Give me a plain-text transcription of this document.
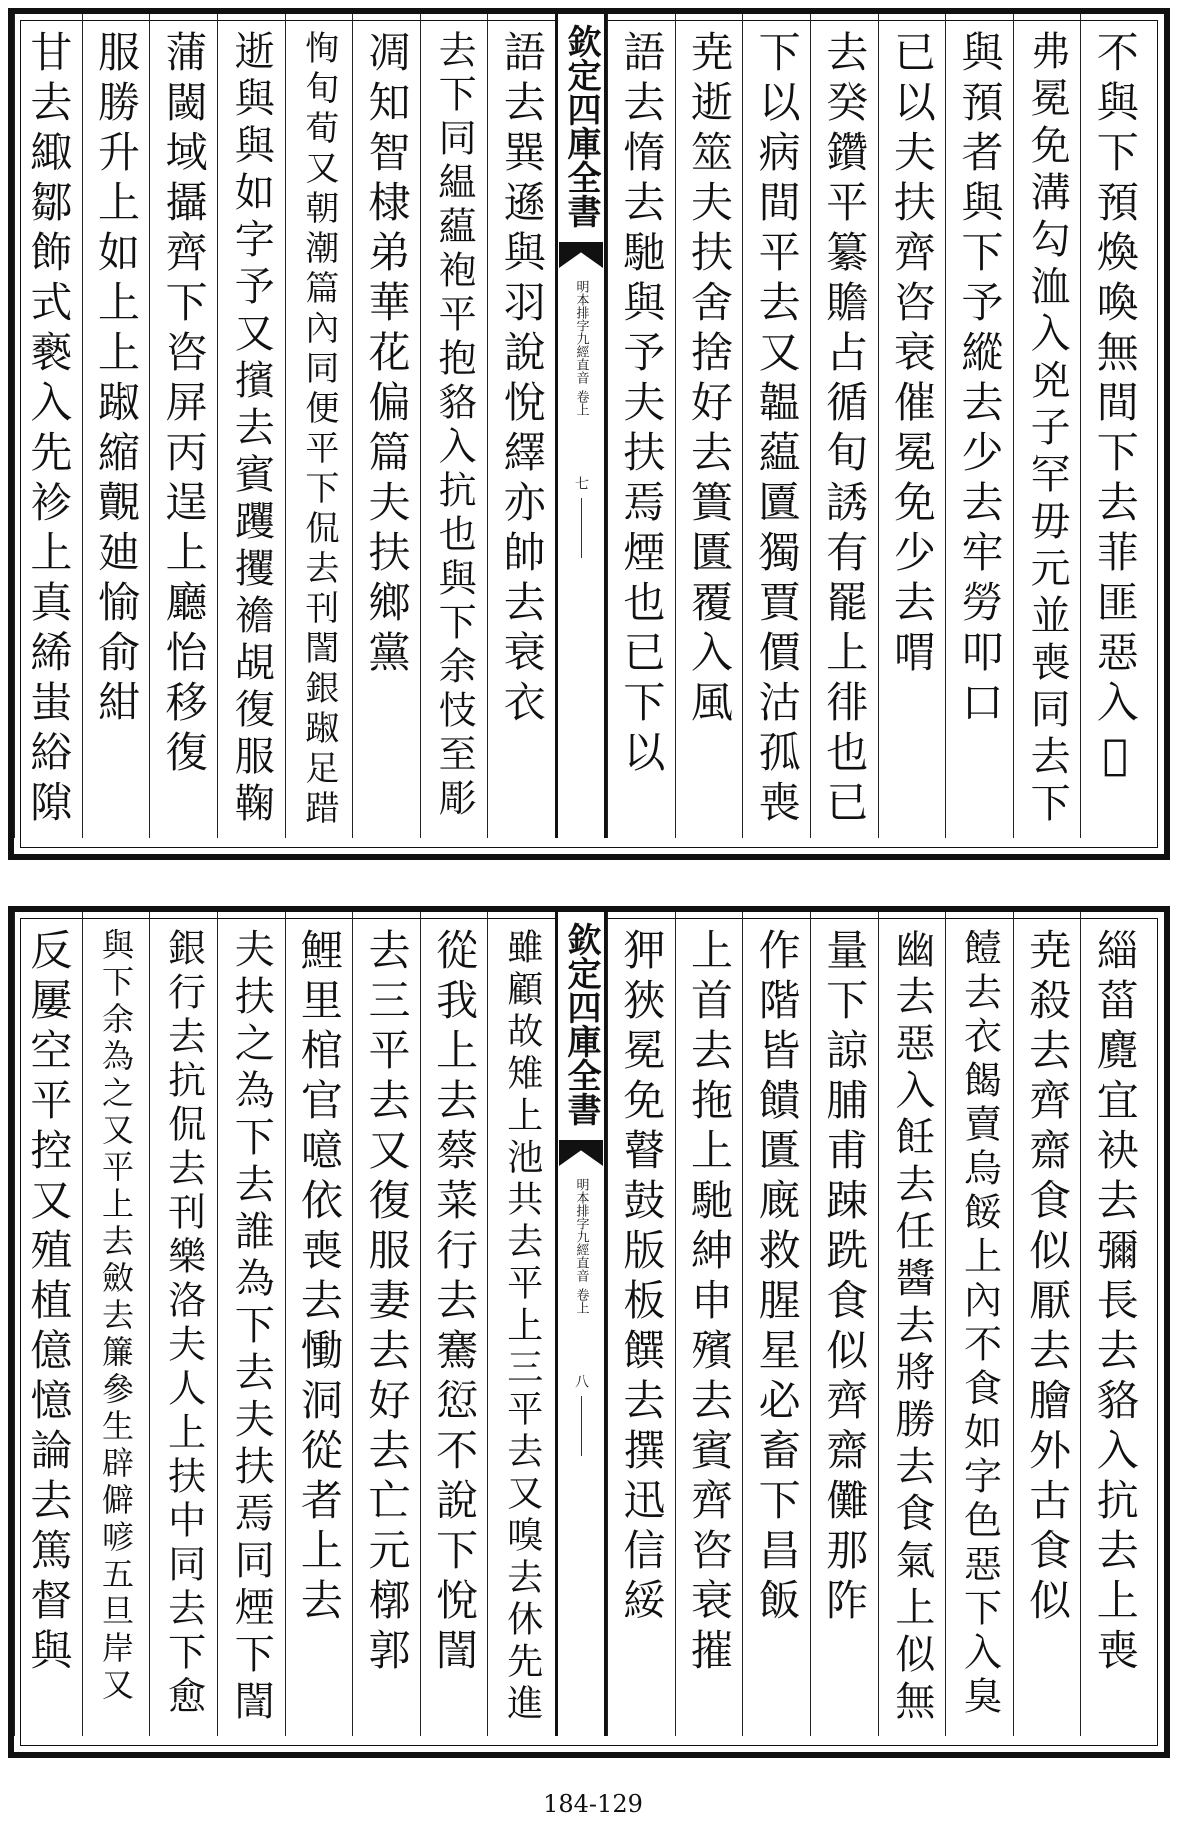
不與下預煥喚無間下去菲匪惡入𢿱
弗冕免溝勾洫入兇子罕毋元並喪同去下
與預者與下予縱去少去牢勞叩口
已以夫扶齊咨衰催冕免少去喟
去癸鑽平纂贍占循旬誘有罷上徘也已
下以病間平去又韞藴匵獨賈價沽孤喪
尭逝筮夫扶舍捨好去簣匱覆入風
語去惰去馳與予夫扶焉煙也已下以
欽定四庫全書
明本排字九經直音
卷上
七
語去巽遜與羽說悅繹亦帥去衰衣
去下同緼藴袍平抱貉入抗也與下余忮至彫
凋知智棣弟華花偏篇夫扶鄉黨
恂旬荀又朝潮篇內同便平下侃去刊誾銀踧足踖
逝與與如字予又擯去賓躩攫襜覘復服鞠
蒲閾域攝齊下咨屏丙逞上廳怡移復
服勝升上如上上踧縮覿廸愉俞紺
甘去緅鄒飾式褻入先袗上真絺蚩綌隙
緇菑麑宜袂去彌長去貉入抗去上喪
尭殺去齊齋食似厭去膾外古食似
饐去衣餲賣烏餒上內不食如字色惡下入臭
幽去惡入飪去任醬去將勝去食氣上似無
量下諒脯甫踈跣食似齊齋儺那阼
作階皆饋匱廐救腥星必畜下昌飯
上首去拖上馳紳申殯去賓齊咨衰摧
狎狹冕免瞽鼓版板饌去撰迅信綏
欽定四庫全書
明本排字九經直音
卷上
八
雖顧故雉上池共去平上三平去又嗅去休先進
從我上去蔡菜行去騫愆不說下悅誾
去三平去又復服妻去好去亡元槨郭
鯉里棺官噫依喪去慟洞從者上去
夫扶之為下去誰為下去夫扶焉同煙下誾
銀行去抗侃去刊樂洛夫人上扶中同去下愈
與下余為之又平上去斂去簾參生辟僻喭五旦岸又
反屢空平控又殖植億憶論去篤督與
184-129
